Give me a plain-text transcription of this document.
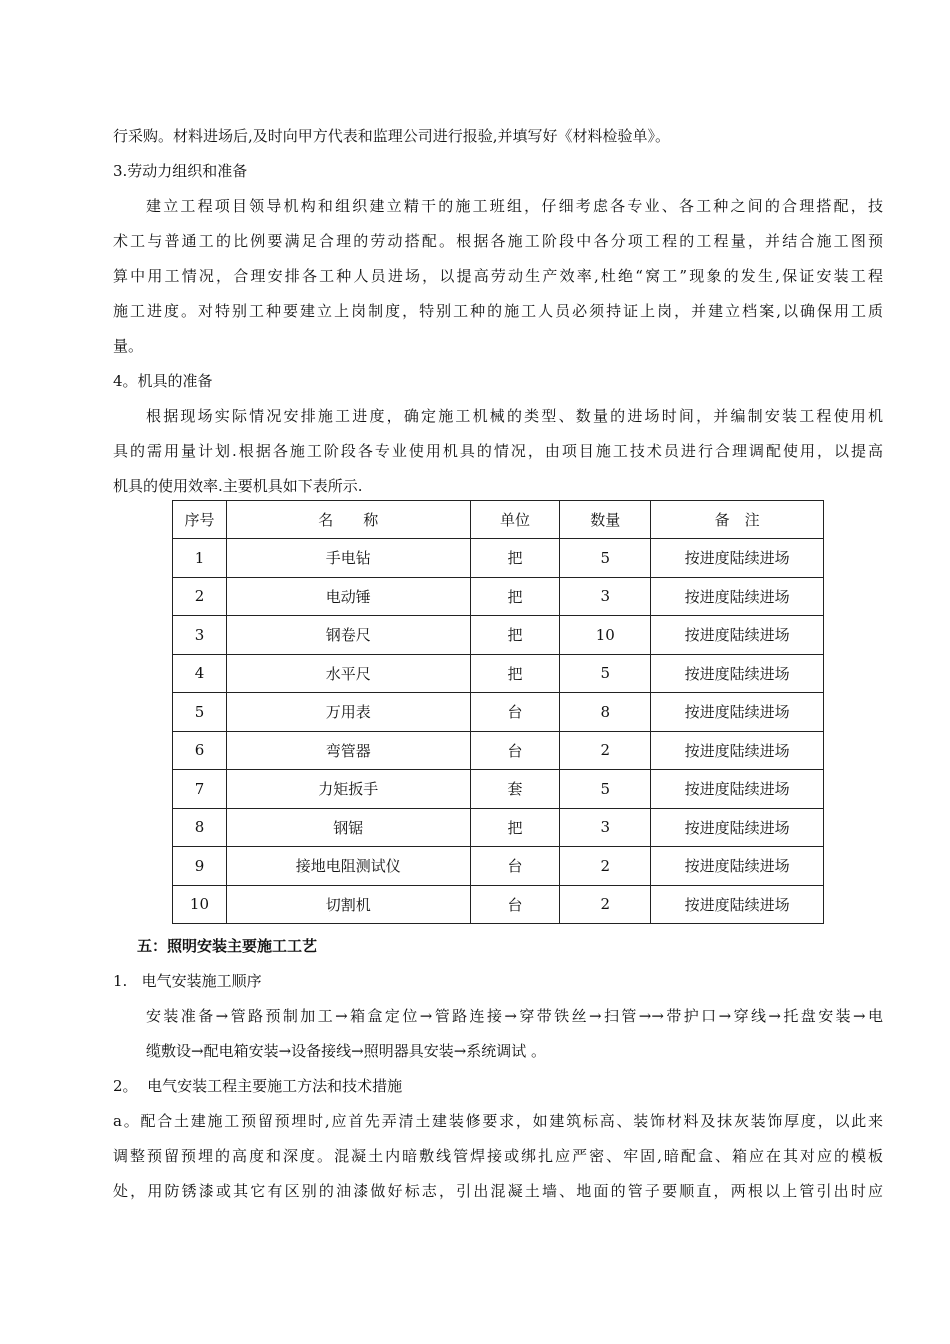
行采购。材料进场后,及时向甲方代表和监理公司进行报验,并填写好《材料检验单》。
3.劳动力组织和准备
建立工程项目领导机构和组织建立精干的施工班组，仔细考虑各专业、各工种之间的合理搭配，技
术工与普通工的比例要满足合理的劳动搭配。根据各施工阶段中各分项工程的工程量，并结合施工图预
算中用工情况，合理安排各工种人员进场，以提高劳动生产效率,杜绝“窝工”现象的发生,保证安装工程
施工进度。对特别工种要建立上岗制度，特别工种的施工人员必须持证上岗，并建立档案,以确保用工质
量。
4。机具的准备
根据现场实际情况安排施工进度，确定施工机械的类型、数量的进场时间，并编制安装工程使用机
具的需用量计划.根据各施工阶段各专业使用机具的情况，由项目施工技术员进行合理调配使用，以提高
机具的使用效率.主要机具如下表所示.
序号	名　　称	单位	数量	备　注
1	手电钻	把	5	按进度陆续进场
2	电动锤	把	3	按进度陆续进场
3	钢卷尺	把	10	按进度陆续进场
4	水平尺	把	5	按进度陆续进场
5	万用表	台	8	按进度陆续进场
6	弯管器	台	2	按进度陆续进场
7	力矩扳手	套	5	按进度陆续进场
8	钢锯	把	3	按进度陆续进场
9	接地电阻测试仪	台	2	按进度陆续进场
10	切割机	台	2	按进度陆续进场
五：照明安装主要施工工艺
1.   电气安装施工顺序
安装准备→管路预制加工→箱盒定位→管路连接→穿带铁丝→扫管→→带护口→穿线→托盘安装→电
缆敷设→配电箱安装→设备接线→照明器具安装→系统调试 。
2。  电气安装工程主要施工方法和技术措施
a。配合土建施工预留预埋时,应首先弄清土建装修要求，如建筑标高、装饰材料及抹灰装饰厚度，以此来
调整预留预埋的高度和深度。混凝土内暗敷线管焊接或绑扎应严密、牢固,暗配盒、箱应在其对应的模板
处，用防锈漆或其它有区别的油漆做好标志，引出混凝土墙、地面的管子要顺直，两根以上管引出时应
